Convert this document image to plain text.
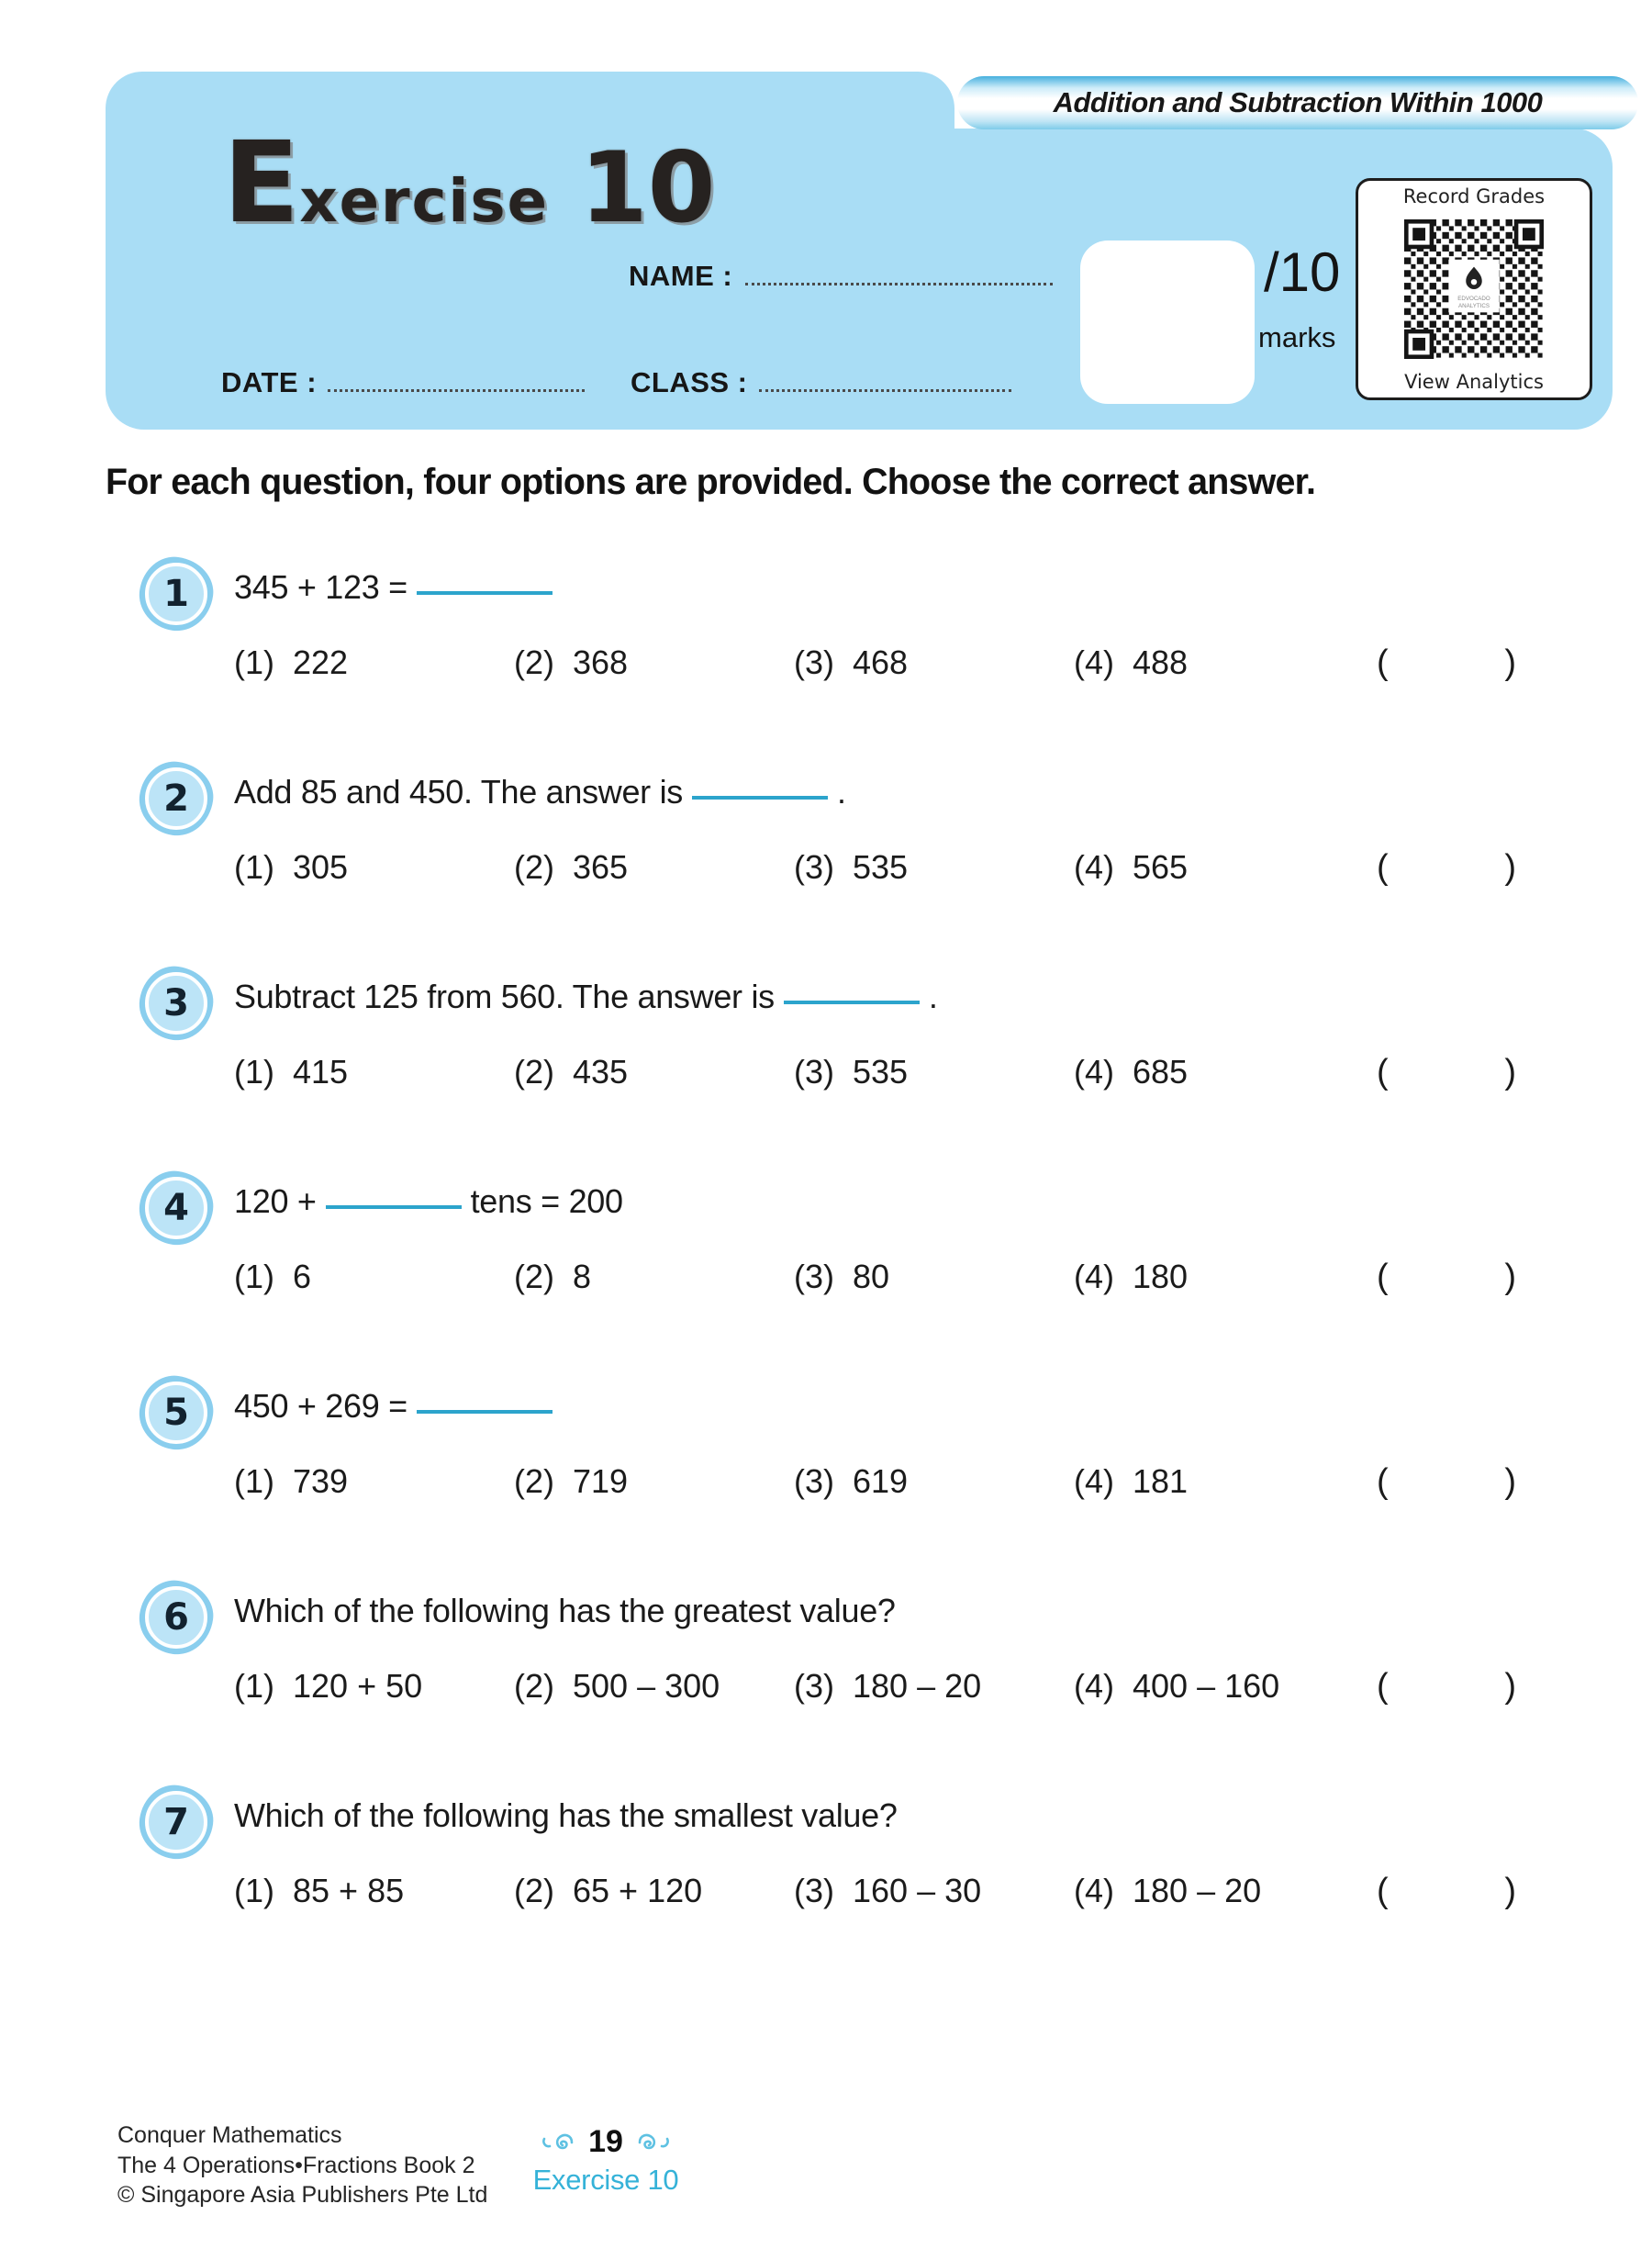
Addition and Subtraction Within 1000
E xercise 10
NAME :	/10
marks
Record Grades
EDVOCADO
ANALYTICS
View Analytics
DATE :	CLASS :
For each question, four options are provided. Choose the correct answer.
1	345 + 123 =
(1) 222	(2) 368	(3) 468	(4) 488	(	)
2	Add 85 and 450. The answer is	.
(1) 305	(2) 365	(3) 535	(4) 565	(	)
3	Subtract 125 from 560. The answer is	.
(1) 415	(2) 435	(3) 535	(4) 685	(	)
4	120 +	tens = 200
(1) 6	(2) 8	(3) 80	(4) 180	(	)
5	450 + 269 =
(1) 739	(2) 719	(3) 619	(4) 181	(	)
6	Which of the following has the greatest value?
(1) 120 + 50	(2) 500 – 300 (3) 180 – 20	(4) 400 – 160	(	)
7	Which of the following has the smallest value?
(1) 85 + 85	(2) 65 + 120	(3) 160 – 30	(4) 180 – 20	(	)
Conquer Mathematics
The 4 Operations•Fractions Book 2
© Singapore Asia Publishers Pte Ltd
19
Exercise 10
